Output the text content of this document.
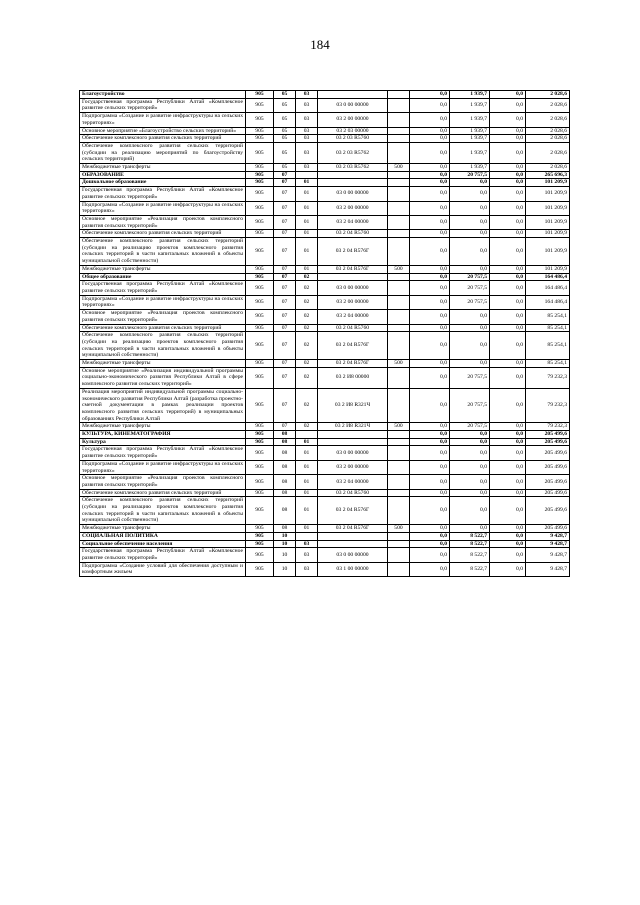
184
Благоустройство	905	05	03			0,0	1 939,7	0,0	2 028,6
Государственная программа Республики Алтай «Комплексное развитие сельских территорий»	905	05	03	03 0 00 00000		0,0	1 939,7	0,0	2 028,6
Подпрограмма «Создание и развитие инфраструктуры на сельских территориях»	905	05	03	03 2 00 00000		0,0	1 939,7	0,0	2 028,6
Основное мероприятие «Благоустройство сельских территорий»	905	05	03	03 2 03 00000		0,0	1 939,7	0,0	2 028,6
Обеспечение комплексного развития сельских территорий	905	05	03	03 2 03 R5760		0,0	1 939,7	0,0	2 028,6
Обеспечение комплексного развития сельских территорий (субсидии на реализацию мероприятий по благоустройству сельских территорий)	905	05	03	03 2 03 R5762		0,0	1 939,7	0,0	2 028,6
Межбюджетные трансферты	905	05	03	03 2 03 R5762	500	0,0	1 939,7	0,0	2 028,6
ОБРАЗОВАНИЕ	905	07				0,0	20 757,5	0,0	265 696,3
Дошкольное образование	905	07	01			0,0	0,0	0,0	101 209,9
Государственная программа Республики Алтай «Комплексное развитие сельских территорий»	905	07	01	03 0 00 00000		0,0	0,0	0,0	101 209,9
Подпрограмма «Создание и развитие инфраструктуры на сельских территориях»	905	07	01	03 2 00 00000		0,0	0,0	0,0	101 209,9
Основное мероприятие «Реализация проектов комплексного развития сельских территорий»	905	07	01	03 2 04 00000		0,0	0,0	0,0	101 209,9
Обеспечение комплексного развития сельских территорий	905	07	01	03 2 04 R5760		0,0	0,0	0,0	101 209,9
Обеспечение комплексного развития сельских территорий (субсидии на реализацию проектов комплексного развития сельских территорий в части капитальных вложений в объекты муниципальной собственности)	905	07	01	03 2 04 R576Г		0,0	0,0	0,0	101 209,9
Межбюджетные трансферты	905	07	01	03 2 04 R576Г	500	0,0	0,0	0,0	101 209,9
Общее образование	905	07	02			0,0	20 757,5	0,0	164 486,4
Государственная программа Республики Алтай «Комплексное развитие сельских территорий»	905	07	02	03 0 00 00000		0,0	20 757,5	0,0	164 486,4
Подпрограмма «Создание и развитие инфраструктуры на сельских территориях»	905	07	02	03 2 00 00000		0,0	20 757,5	0,0	164 486,4
Основное мероприятие «Реализация проектов комплексного развития сельских территорий»	905	07	02	03 2 04 00000		0,0	0,0	0,0	85 254,1
Обеспечение комплексного развития сельских территорий	905	07	02	03 2 04 R5760		0,0	0,0	0,0	85 254,1
Обеспечение комплексного развития сельских территорий (субсидии на реализацию проектов комплексного развития сельских территорий в части капитальных вложений в объекты муниципальной собственности)	905	07	02	03 2 04 R576Г		0,0	0,0	0,0	85 254,1
Межбюджетные трансферты	905	07	02	03 2 04 R576Г	500	0,0	0,0	0,0	85 254,1
Основное мероприятие «Реализация индивидуальной программы социально-экономического развития Республики Алтай в сфере комплексного развития сельских территорий»	905	07	02	03 2 И8 00000		0,0	20 757,5	0,0	79 232,3
Реализация мероприятий индивидуальной программы социально-экономического развития Республики Алтай (разработка проектно-сметной документации в рамках реализации проектов комплексного развития сельских территорий) в муниципальных образованиях Республики Алтай	905	07	02	03 2 И8 R321Ч		0,0	20 757,5	0,0	79 232,3
Межбюджетные трансферты	905	07	02	03 2 И8 R321Ч	500	0,0	20 757,5	0,0	79 232,3
КУЛЬТУРА, КИНЕМАТОГРАФИЯ	905	08				0,0	0,0	0,0	205 499,6
Культура	905	08	01			0,0	0,0	0,0	205 499,6
Государственная программа Республики Алтай «Комплексное развитие сельских территорий»	905	08	01	03 0 00 00000		0,0	0,0	0,0	205 499,6
Подпрограмма «Создание и развитие инфраструктуры на сельских территориях»	905	08	01	03 2 00 00000		0,0	0,0	0,0	205 499,6
Основное мероприятие «Реализация проектов комплексного развития сельских территорий»	905	08	01	03 2 04 00000		0,0	0,0	0,0	205 499,6
Обеспечение комплексного развития сельских территорий	905	08	01	03 2 04 R5760		0,0	0,0	0,0	205 499,6
Обеспечение комплексного развития сельских территорий (субсидии на реализацию проектов комплексного развития сельских территорий в части капитальных вложений в объекты муниципальной собственности)	905	08	01	03 2 04 R576Г		0,0	0,0	0,0	205 499,6
Межбюджетные трансферты	905	08	01	03 2 04 R576Г	500	0,0	0,0	0,0	205 499,6
СОЦИАЛЬНАЯ ПОЛИТИКА	905	10				0,0	8 522,7	0,0	9 428,7
Социальное обеспечение населения	905	10	03			0,0	8 522,7	0,0	9 428,7
Государственная программа Республики Алтай «Комплексное развитие сельских территорий»	905	10	03	03 0 00 00000		0,0	8 522,7	0,0	9 428,7
Подпрограмма «Создание условий для обеспечения доступным и комфортным жильем	905	10	03	03 1 00 00000		0,0	8 522,7	0,0	9 428,7
